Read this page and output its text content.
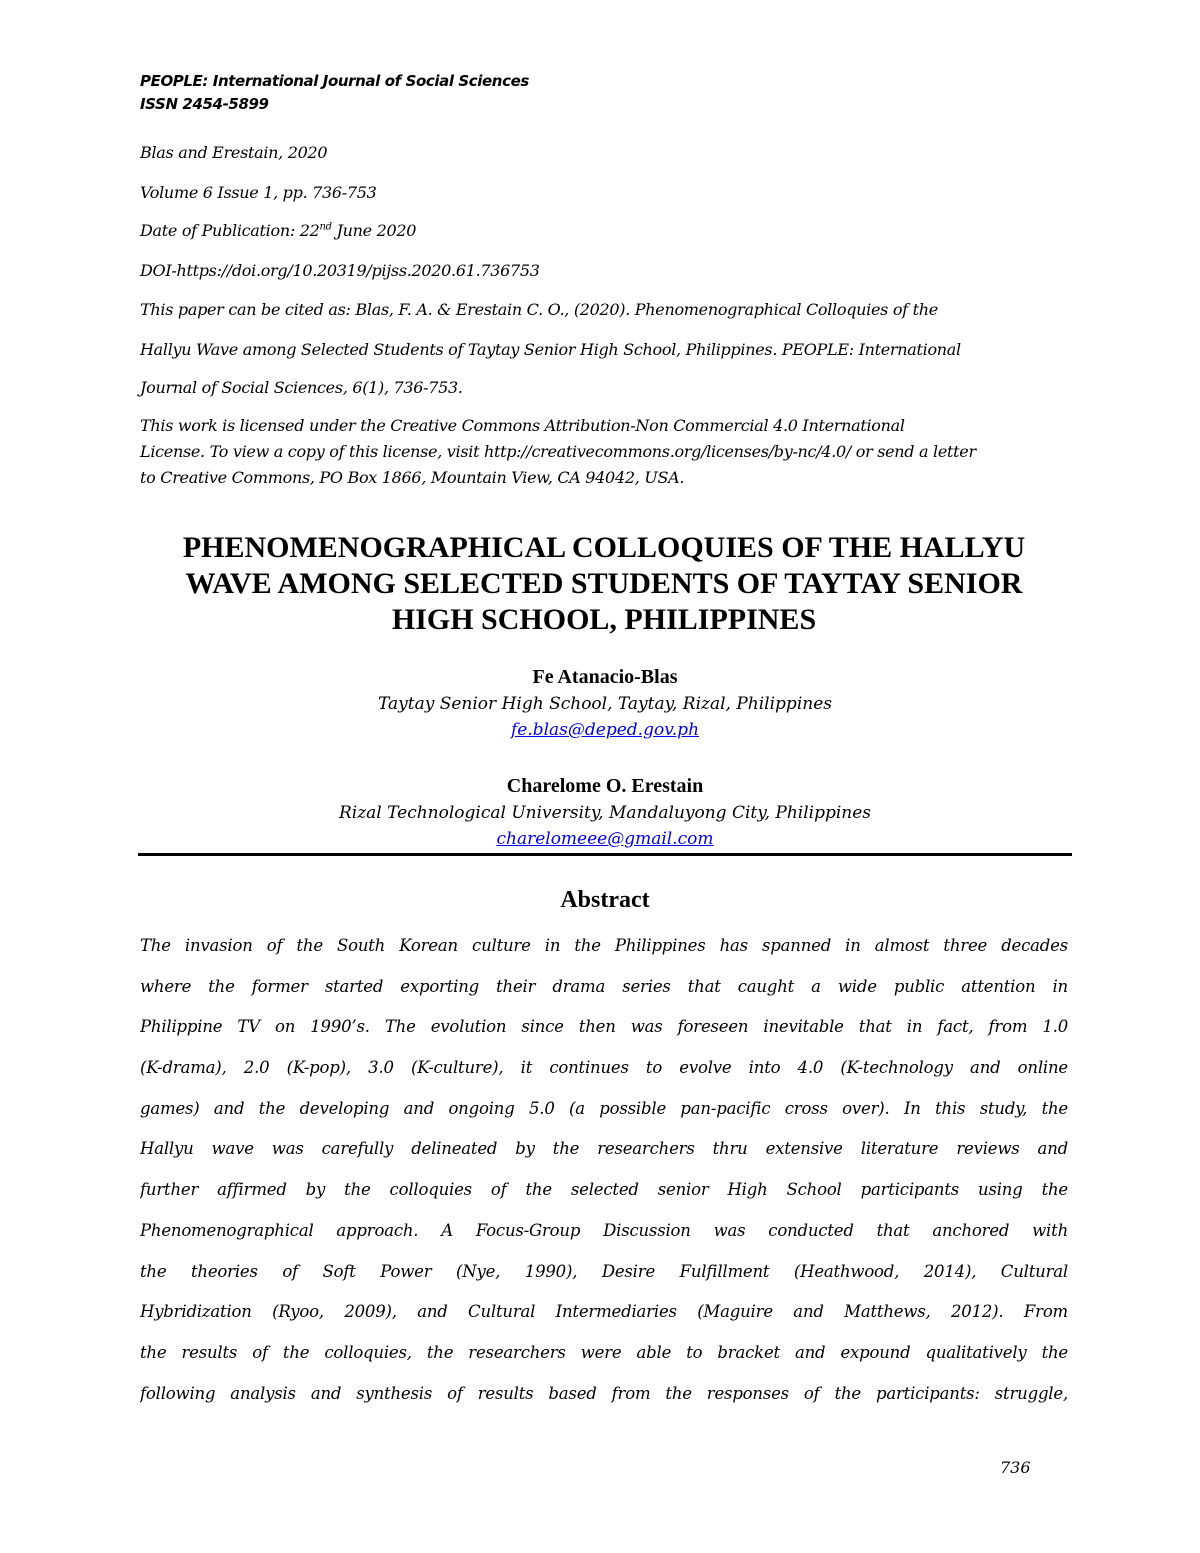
PEOPLE: International Journal of Social Sciences
ISSN 2454-5899
Blas and Erestain, 2020
Volume 6 Issue 1, pp. 736-753
Date of Publication: 22nd June 2020
DOI-https://doi.org/10.20319/pijss.2020.61.736753
This paper can be cited as: Blas, F. A. & Erestain C. O., (2020). Phenomenographical Colloquies of the
Hallyu Wave among Selected Students of Taytay Senior High School, Philippines. PEOPLE: International
Journal of Social Sciences, 6(1), 736-753.
This work is licensed under the Creative Commons Attribution-Non Commercial 4.0 International
License. To view a copy of this license, visit http://creativecommons.org/licenses/by-nc/4.0/ or send a letter
to Creative Commons, PO Box 1866, Mountain View, CA 94042, USA.
PHENOMENOGRAPHICAL COLLOQUIES OF THE HALLYU
WAVE AMONG SELECTED STUDENTS OF TAYTAY SENIOR
HIGH SCHOOL, PHILIPPINES
Fe Atanacio-Blas
Taytay Senior High School, Taytay, Rizal, Philippines
fe.blas@deped.gov.ph
Charelome O. Erestain
Rizal Technological University, Mandaluyong City, Philippines
charelomeee@gmail.com
Abstract
The invasion of the South Korean culture in the Philippines has spanned in almost three decades
where the former started exporting their drama series that caught a wide public attention in
Philippine TV on 1990’s. The evolution since then was foreseen inevitable that in fact, from 1.0
(K-drama), 2.0 (K-pop), 3.0 (K-culture), it continues to evolve into 4.0 (K-technology and online
games) and the developing and ongoing 5.0 (a possible pan-pacific cross over). In this study, the
Hallyu wave was carefully delineated by the researchers thru extensive literature reviews and
further affirmed by the colloquies of the selected senior High School participants using the
Phenomenographical approach. A Focus-Group Discussion was conducted that anchored with
the theories of Soft Power (Nye, 1990), Desire Fulfillment (Heathwood, 2014), Cultural
Hybridization (Ryoo, 2009), and Cultural Intermediaries (Maguire and Matthews, 2012). From
the results of the colloquies, the researchers were able to bracket and expound qualitatively the
following analysis and synthesis of results based from the responses of the participants: struggle,
736
